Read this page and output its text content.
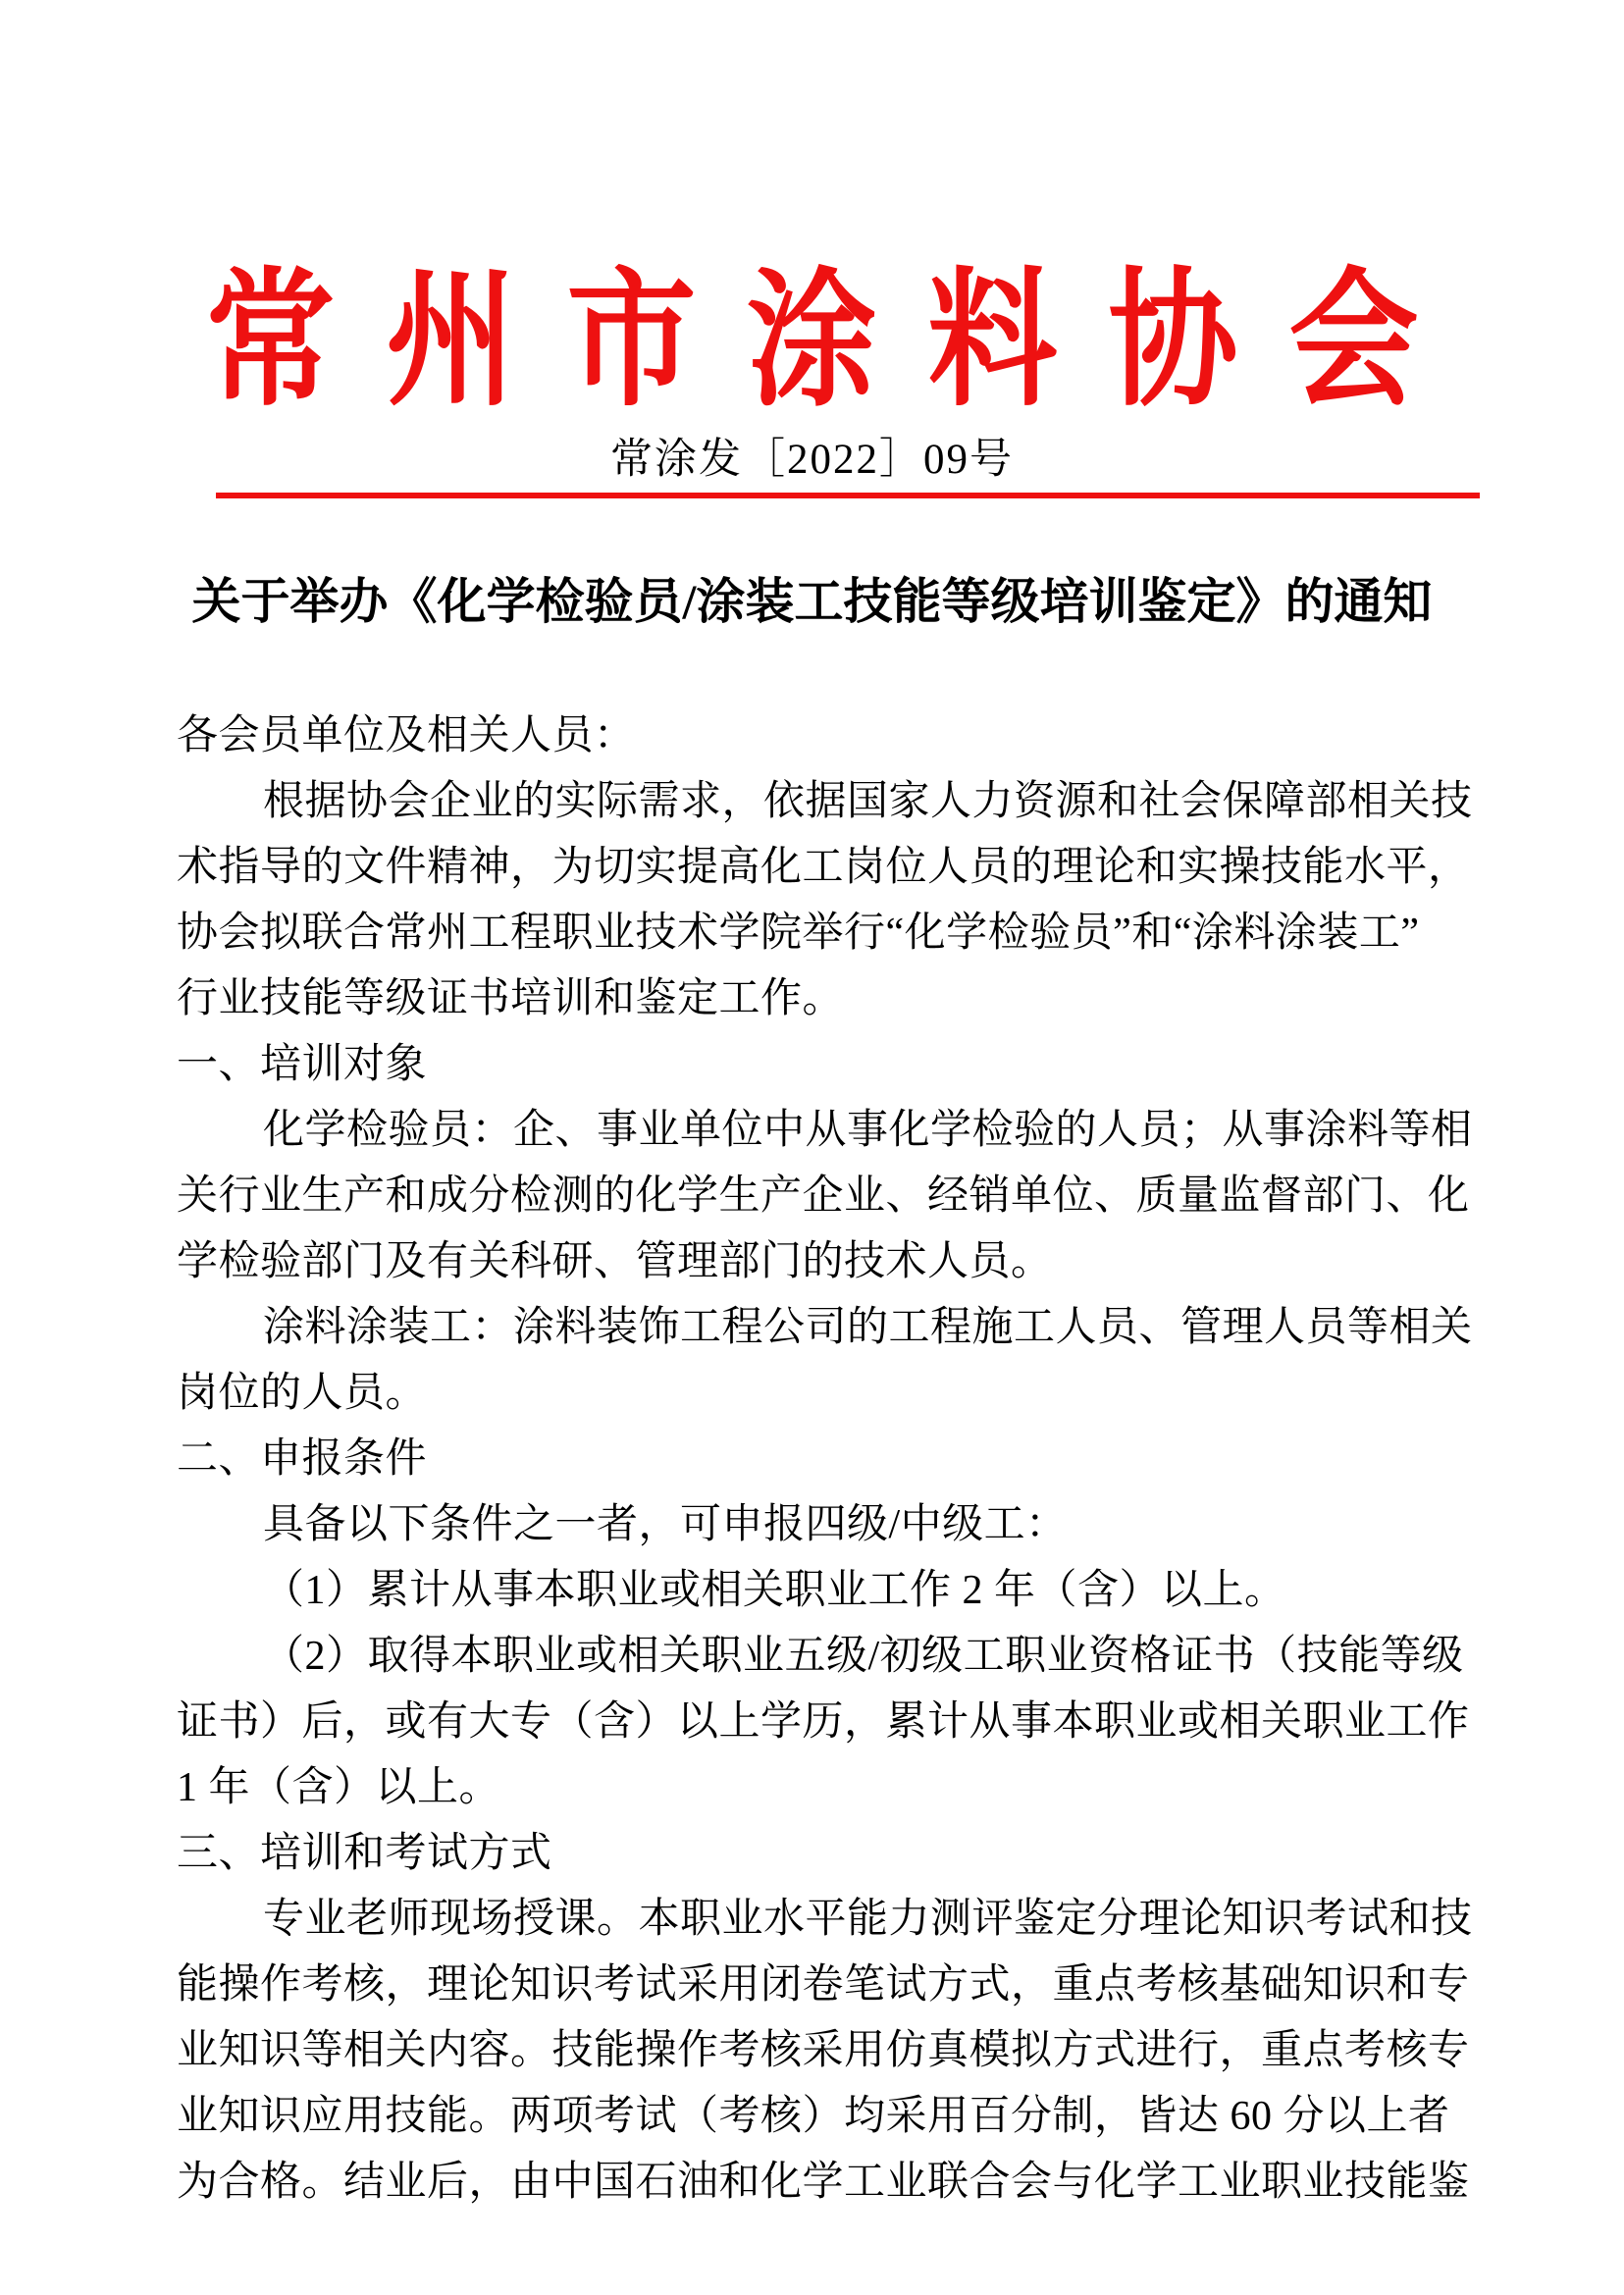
常州市涂料协会
常涂发［2022］09号
关于举办《化学检验员/涂装工技能等级培训鉴定》的通知
各会员单位及相关人员：
根据协会企业的实际需求，依据国家人力资源和社会保障部相关技
术指导的文件精神，为切实提高化工岗位人员的理论和实操技能水平，
协会拟联合常州工程职业技术学院举行“化学检验员”和“涂料涂装工”
行业技能等级证书培训和鉴定工作。
一、培训对象
化学检验员：企、事业单位中从事化学检验的人员；从事涂料等相
关行业生产和成分检测的化学生产企业、经销单位、质量监督部门、化
学检验部门及有关科研、管理部门的技术人员。
涂料涂装工：涂料装饰工程公司的工程施工人员、管理人员等相关
岗位的人员。
二、申报条件
具备以下条件之一者，可申报四级/中级工：
（1）累计从事本职业或相关职业工作 2 年（含）以上。
（2）取得本职业或相关职业五级/初级工职业资格证书（技能等级
证书）后，或有大专（含）以上学历，累计从事本职业或相关职业工作
1 年（含）以上。
三、培训和考试方式
专业老师现场授课。本职业水平能力测评鉴定分理论知识考试和技
能操作考核，理论知识考试采用闭卷笔试方式，重点考核基础知识和专
业知识等相关内容。技能操作考核采用仿真模拟方式进行，重点考核专
业知识应用技能。两项考试（考核）均采用百分制，皆达 60 分以上者
为合格。结业后，由中国石油和化学工业联合会与化学工业职业技能鉴
